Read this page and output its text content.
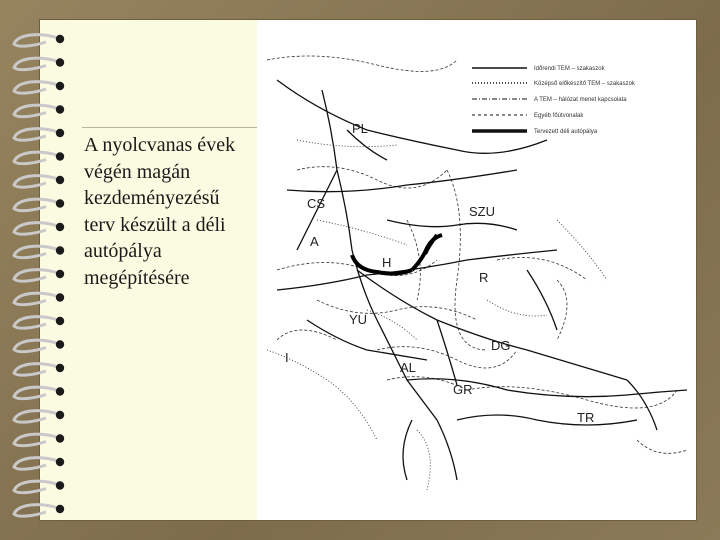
A nyolcvanas évek végén magán kezdeményezésű terv készült a déli autópálya megépítésére
Időrendi TEM – szakaszok
Középső előkészítő TEM – szakaszok
A TEM – hálózat menet kapcsolata
Egyéb főútvonalak
Tervezett déli autópálya
PL
CS
SZU
A
H
R
YU
DG
I
AL
GR
TR
